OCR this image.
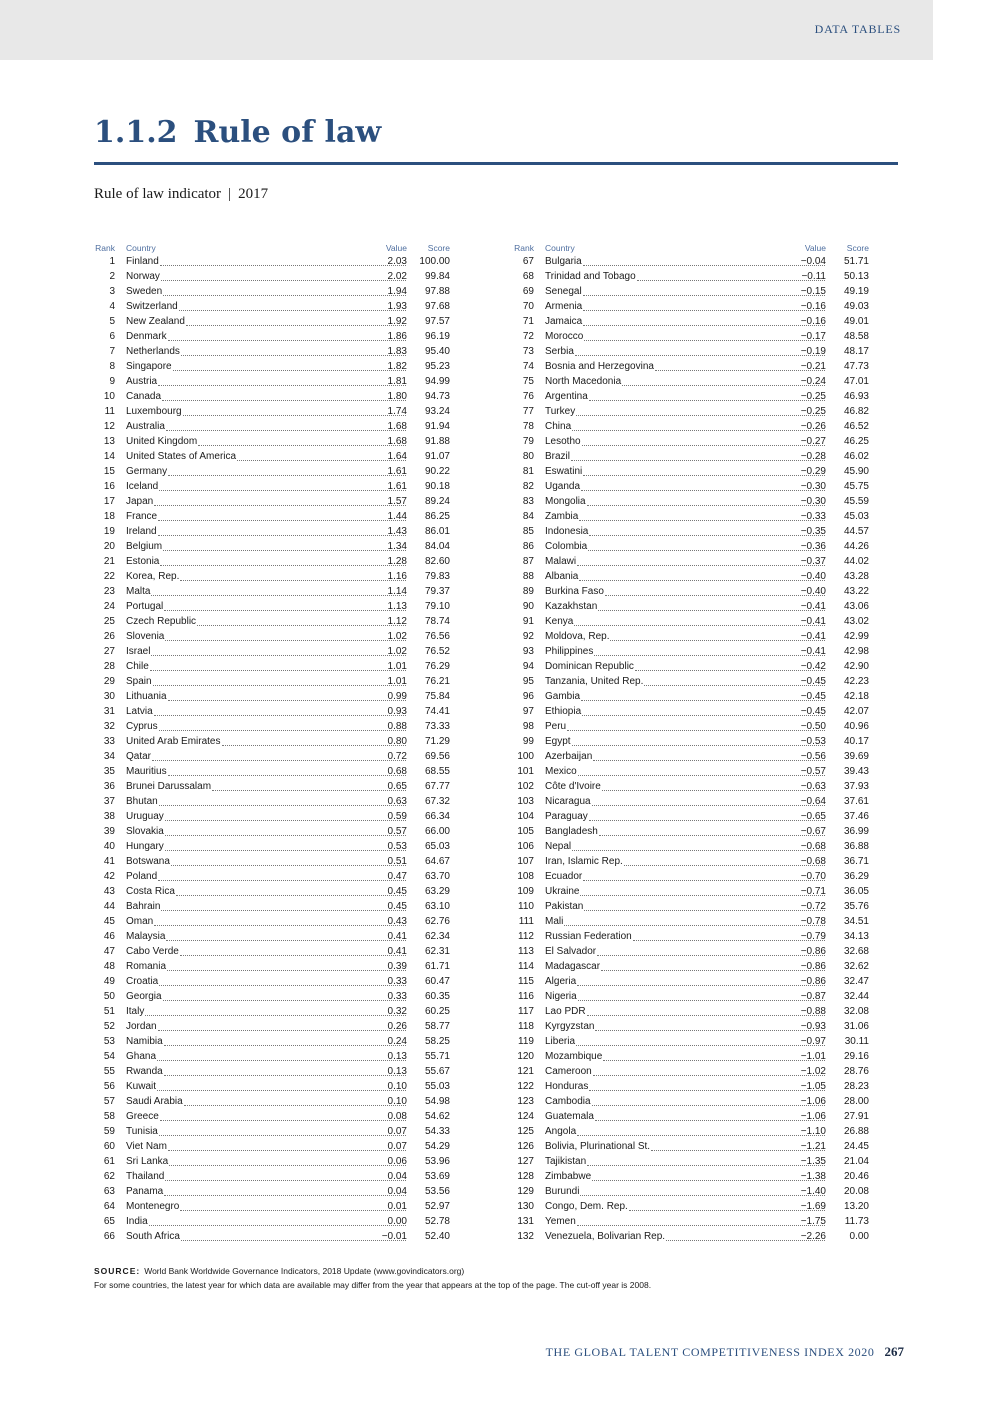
DATA TABLES
1.1.2 Rule of law
Rule of law indicator | 2017
Rank Country	Value	Score
1 Finland	2.03	100.00
2 Norway	2.02	99.84
3 Sweden	1.94	97.88
4 Switzerland	1.93	97.68
5 New Zealand	1.92	97.57
6 Denmark	1.86	96.19
7 Netherlands	1.83	95.40
8 Singapore	1.82	95.23
9 Austria	1.81	94.99
10 Canada	1.80	94.73
11 Luxembourg	1.74	93.24
12 Australia	1.68	91.94
13 United Kingdom	1.68	91.88
14 United States of America	1.64	91.07
15 Germany	1.61	90.22
16 Iceland	1.61	90.18
17 Japan	1.57	89.24
18 France	1.44	86.25
19 Ireland	1.43	86.01
20 Belgium	1.34	84.04
21 Estonia	1.28	82.60
22 Korea, Rep.	1.16	79.83
23 Malta	1.14	79.37
24 Portugal	1.13	79.10
25 Czech Republic	1.12	78.74
26 Slovenia	1.02	76.56
27 Israel	1.02	76.52
28 Chile	1.01	76.29
29 Spain	1.01	76.21
30 Lithuania	0.99	75.84
31 Latvia	0.93	74.41
32 Cyprus	0.88	73.33
33 United Arab Emirates	0.80	71.29
34 Qatar	0.72	69.56
35 Mauritius	0.68	68.55
36 Brunei Darussalam	0.65	67.77
37 Bhutan	0.63	67.32
38 Uruguay	0.59	66.34
39 Slovakia	0.57	66.00
40 Hungary	0.53	65.03
41 Botswana	0.51	64.67
42 Poland	0.47	63.70
43 Costa Rica	0.45	63.29
44 Bahrain	0.45	63.10
45 Oman	0.43	62.76
46 Malaysia	0.41	62.34
47 Cabo Verde	0.41	62.31
48 Romania	0.39	61.71
49 Croatia	0.33	60.47
50 Georgia	0.33	60.35
51 Italy	0.32	60.25
52 Jordan	0.26	58.77
53 Namibia	0.24	58.25
54 Ghana	0.13	55.71
55 Rwanda	0.13	55.67
56 Kuwait	0.10	55.03
57 Saudi Arabia	0.10	54.98
58 Greece	0.08	54.62
59 Tunisia	0.07	54.33
60 Viet Nam	0.07	54.29
61 Sri Lanka	0.06	53.96
62 Thailand	0.04	53.69
63 Panama	0.04	53.56
64 Montenegro	0.01	52.97
65 India	0.00	52.78
66 South Africa	−0.01	52.40
Rank Country	Value	Score
67 Bulgaria	−0.04	51.71
68 Trinidad and Tobago	−0.11	50.13
69 Senegal	−0.15	49.19
70 Armenia	−0.16	49.03
71 Jamaica	−0.16	49.01
72 Morocco	−0.17	48.58
73 Serbia	−0.19	48.17
74 Bosnia and Herzegovina	−0.21	47.73
75 North Macedonia	−0.24	47.01
76 Argentina	−0.25	46.93
77 Turkey	−0.25	46.82
78 China	−0.26	46.52
79 Lesotho	−0.27	46.25
80 Brazil	−0.28	46.02
81 Eswatini	−0.29	45.90
82 Uganda	−0.30	45.75
83 Mongolia	−0.30	45.59
84 Zambia	−0.33	45.03
85 Indonesia	−0.35	44.57
86 Colombia	−0.36	44.26
87 Malawi	−0.37	44.02
88 Albania	−0.40	43.28
89 Burkina Faso	−0.40	43.22
90 Kazakhstan	−0.41	43.06
91 Kenya	−0.41	43.02
92 Moldova, Rep.	−0.41	42.99
93 Philippines	−0.41	42.98
94 Dominican Republic	−0.42	42.90
95 Tanzania, United Rep.	−0.45	42.23
96 Gambia	−0.45	42.18
97 Ethiopia	−0.45	42.07
98 Peru	−0.50	40.96
99 Egypt	−0.53	40.17
100 Azerbaijan	−0.56	39.69
101 Mexico	−0.57	39.43
102 Côte d'Ivoire	−0.63	37.93
103 Nicaragua	−0.64	37.61
104 Paraguay	−0.65	37.46
105 Bangladesh	−0.67	36.99
106 Nepal	−0.68	36.88
107 Iran, Islamic Rep.	−0.68	36.71
108 Ecuador	−0.70	36.29
109 Ukraine	−0.71	36.05
110 Pakistan	−0.72	35.76
111 Mali	−0.78	34.51
112 Russian Federation	−0.79	34.13
113 El Salvador	−0.86	32.68
114 Madagascar	−0.86	32.62
115 Algeria	−0.86	32.47
116 Nigeria	−0.87	32.44
117 Lao PDR	−0.88	32.08
118 Kyrgyzstan	−0.93	31.06
119 Liberia	−0.97	30.11
120 Mozambique	−1.01	29.16
121 Cameroon	−1.02	28.76
122 Honduras	−1.05	28.23
123 Cambodia	−1.06	28.00
124 Guatemala	−1.06	27.91
125 Angola	−1.10	26.88
126 Bolivia, Plurinational St.	−1.21	24.45
127 Tajikistan	−1.35	21.04
128 Zimbabwe	−1.38	20.46
129 Burundi	−1.40	20.08
130 Congo, Dem. Rep.	−1.69	13.20
131 Yemen	−1.75	11.73
132 Venezuela, Bolivarian Rep.	−2.26	0.00
SOURCE: World Bank Worldwide Governance Indicators, 2018 Update (www.govindicators.org)
For some countries, the latest year for which data are available may differ from the year that appears at the top of the page. The cut-off year is 2008.
THE GLOBAL TALENT COMPETITIVENESS INDEX 2020 267
